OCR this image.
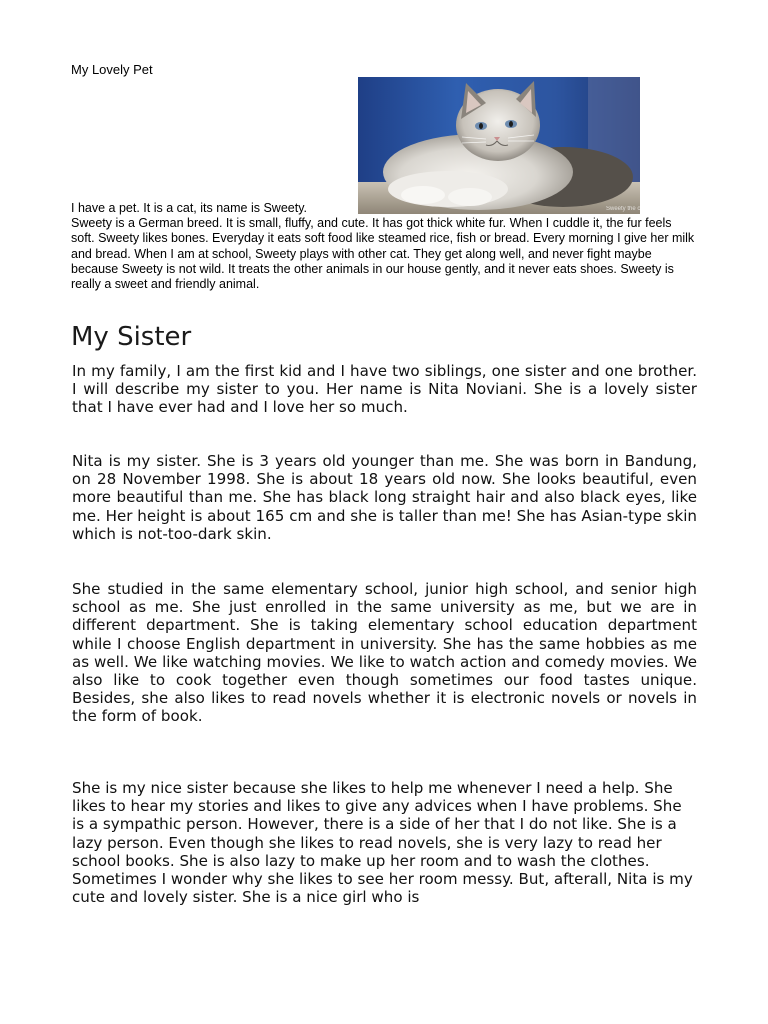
My Lovely Pet
Sweety the cat

I have a pet. It is a cat, its name is Sweety.

Sweety is a German breed. It is small, fluffy, and cute. It has got thick white fur. When I cuddle it, the fur feels soft. Sweety likes bones. Everyday it eats soft food like steamed rice, fish or bread. Every morning I give her milk and bread. When I am at school, Sweety plays with other cat. They get along well, and never fight maybe because Sweety is not wild. It treats the other animals in our house gently, and it never eats shoes. Sweety is really a sweet and friendly animal.

My Sister

In my family, I am the first kid and I have two siblings, one sister and one brother. I will describe my sister to you. Her name is Nita Noviani. She is a lovely sister that I have ever had and I love her so much.

Nita is my sister. She is 3 years old younger than me. She was born in Bandung, on 28 November 1998. She is about 18 years old now. She looks beautiful, even more beautiful than me. She has black long straight hair and also black eyes, like me. Her height is about 165 cm and she is taller than me! She has Asian-type skin which is not-too-dark skin.

She studied in the same elementary school, junior high school, and senior high school as me. She just enrolled in the same university as me, but we are in different department. She is taking elementary school education department while I choose English department in university. She has the same hobbies as me as well. We like watching movies. We like to watch action and comedy movies. We also like to cook together even though sometimes our food tastes unique. Besides, she also likes to read novels whether it is electronic novels or novels in the form of book.

She is my nice sister because she likes to help me whenever I need a help. She likes to hear my stories and likes to give any advices when I have problems. She is a sympathic person. However, there is a side of her that I do not like. She is a lazy person. Even though she likes to read novels, she is very lazy to read her school books. She is also lazy to make up her room and to wash the clothes. Sometimes I wonder why she likes to see her room messy. But, afterall, Nita is my cute and lovely sister. She is a nice girl who is
